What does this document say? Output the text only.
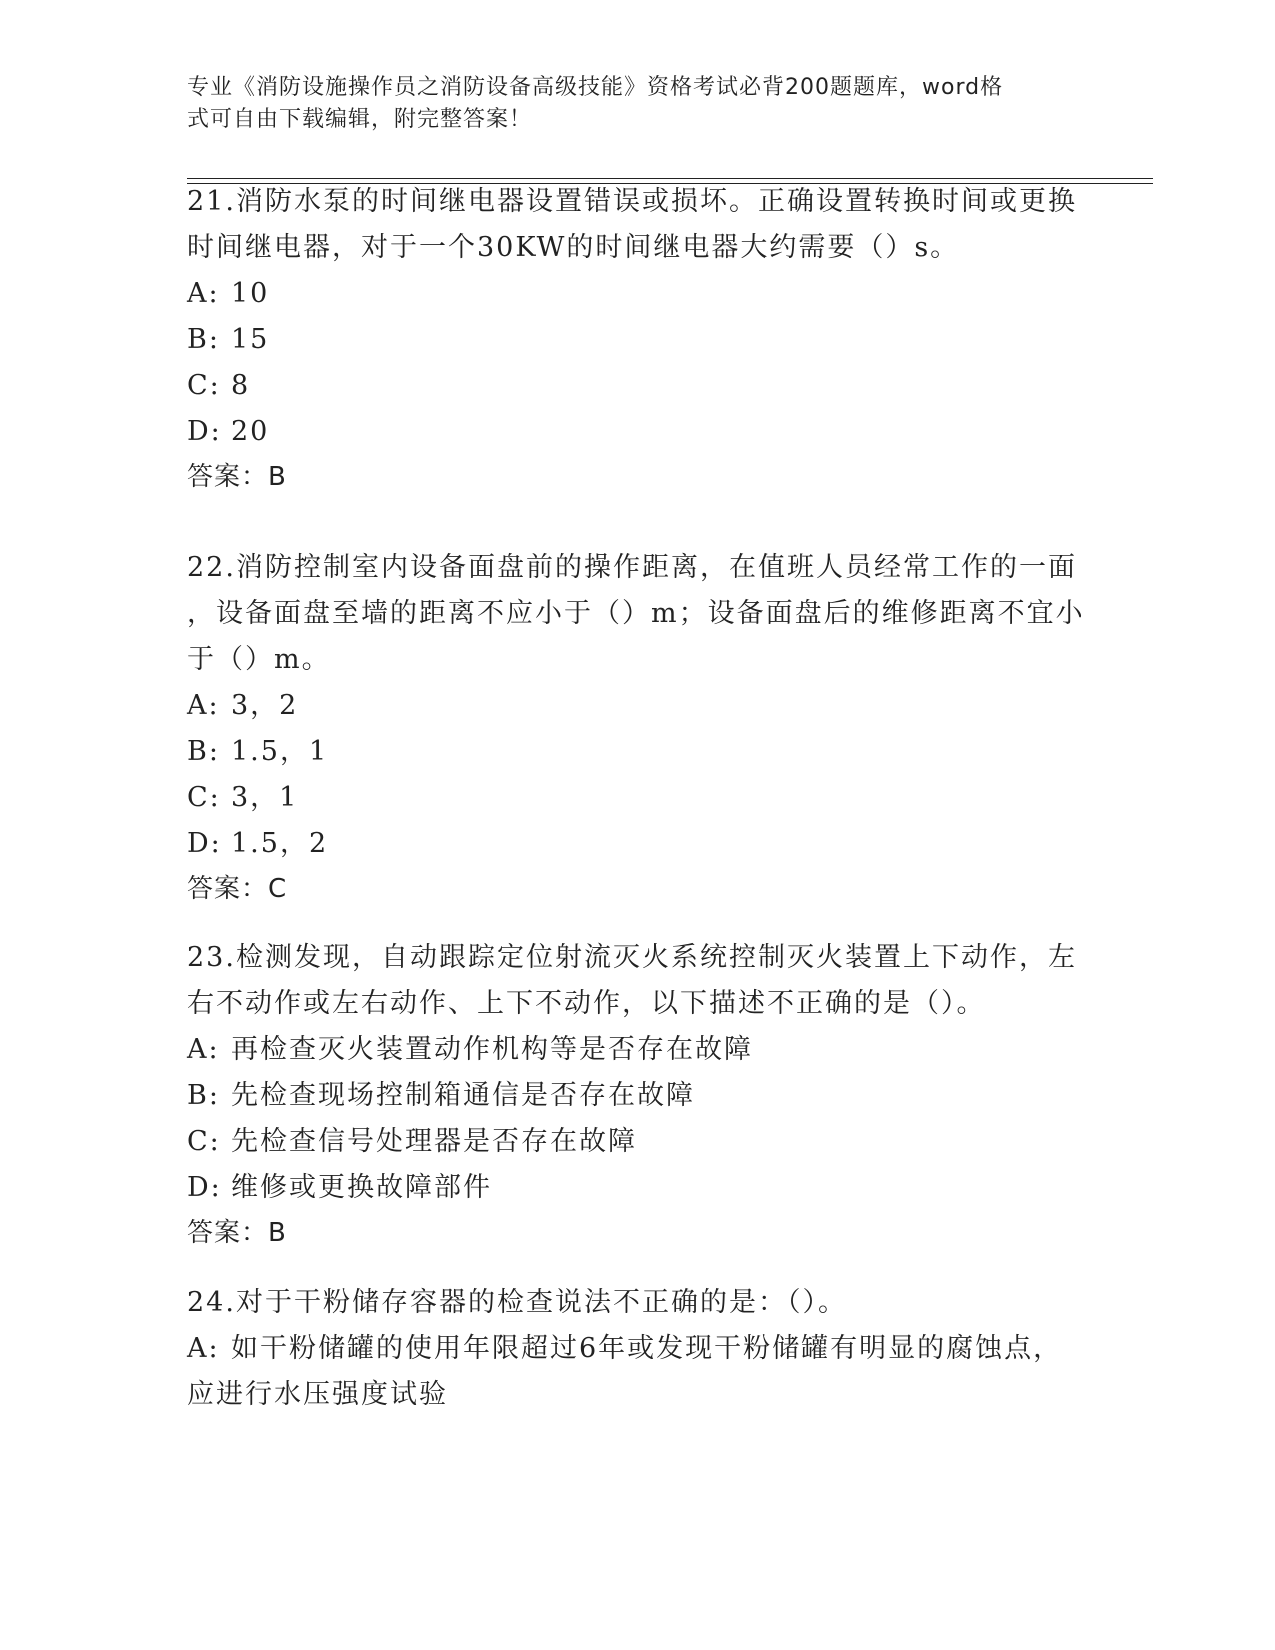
专业《消防设施操作员之消防设备高级技能》资格考试必背200题题库，word格
式可自由下载编辑，附完整答案！

21.消防水泵的时间继电器设置错误或损坏。正确设置转换时间或更换

时间继电器，对于一个30KW的时间继电器大约需要（）s。

A: 10

B: 15

C: 8

D: 20

答案：B

22.消防控制室内设备面盘前的操作距离，在值班人员经常工作的一面

，设备面盘至墙的距离不应小于（）m；设备面盘后的维修距离不宜小

于（）m。

A: 3，2

B: 1.5，1

C: 3，1

D: 1.5，2

答案：C

23.检测发现，自动跟踪定位射流灭火系统控制灭火装置上下动作，左

右不动作或左右动作、上下不动作，以下描述不正确的是（）。

A: 再检查灭火装置动作机构等是否存在故障

B: 先检查现场控制箱通信是否存在故障

C: 先检查信号处理器是否存在故障

D: 维修或更换故障部件

答案：B

24.对于干粉储存容器的检查说法不正确的是：（）。

A: 如干粉储罐的使用年限超过6年或发现干粉储罐有明显的腐蚀点，

应进行水压强度试验
